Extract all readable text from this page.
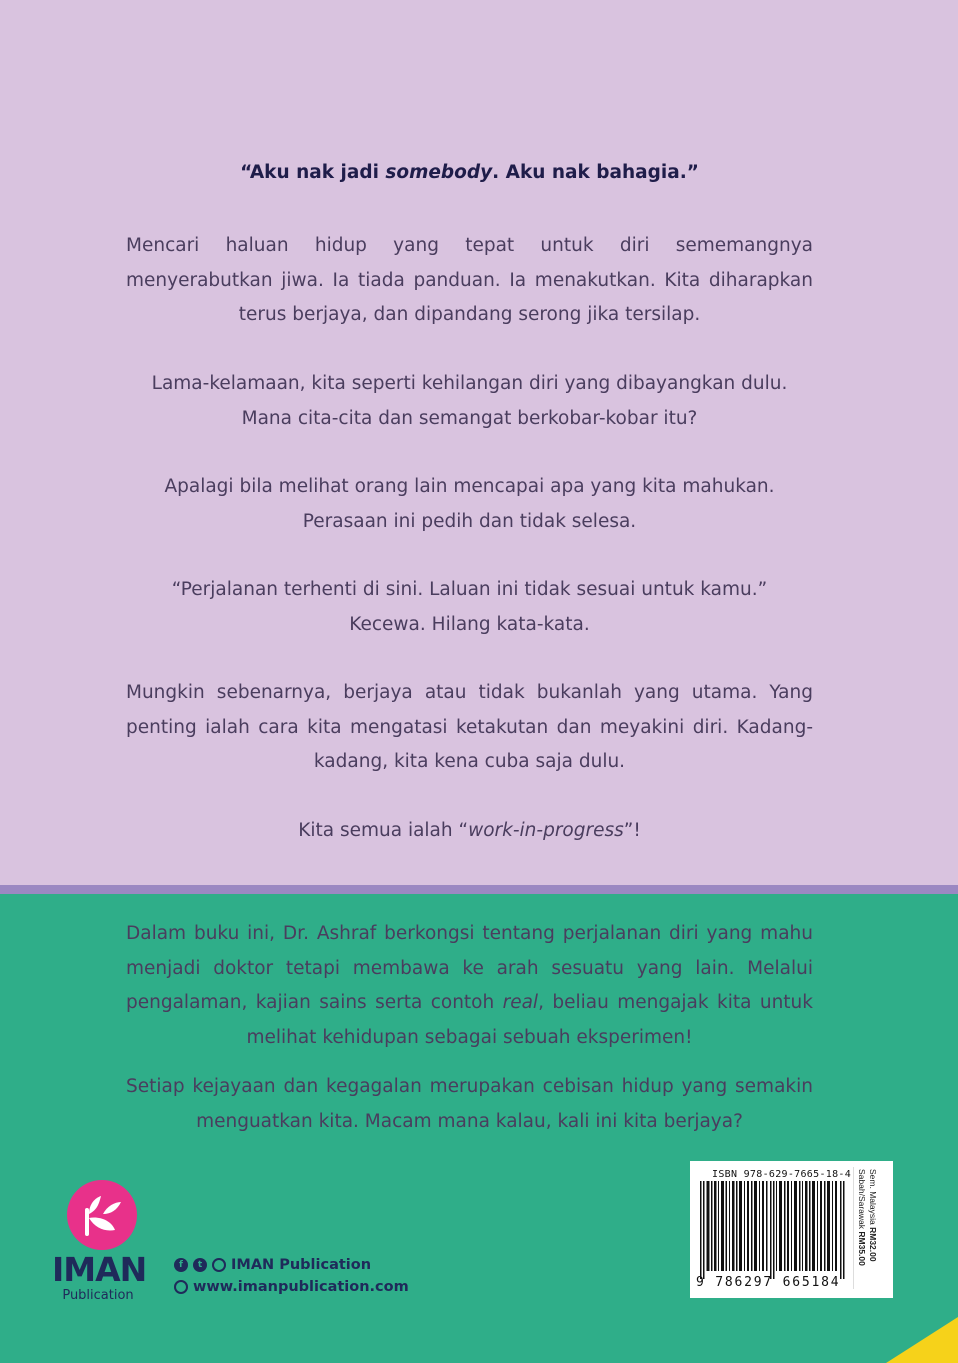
“Aku nak jadi somebody. Aku nak bahagia.”
Mencari haluan hidup yang tepat untuk diri sememangnya menyerabutkan jiwa. Ia tiada panduan. Ia menakutkan. Kita diharapkan terus berjaya, dan dipandang serong jika tersilap.
Lama-kelamaan, kita seperti kehilangan diri yang dibayangkan dulu. Mana cita-cita dan semangat berkobar-kobar itu?
Apalagi bila melihat orang lain mencapai apa yang kita mahukan. Perasaan ini pedih dan tidak selesa.
“Perjalanan terhenti di sini. Laluan ini tidak sesuai untuk kamu.”
Kecewa. Hilang kata-kata.
Mungkin sebenarnya, berjaya atau tidak bukanlah yang utama. Yang penting ialah cara kita mengatasi ketakutan dan meyakini diri. Kadang-kadang, kita kena cuba saja dulu.
Kita semua ialah “work-in-progress”!
Dalam buku ini, Dr. Ashraf berkongsi tentang perjalanan diri yang mahu menjadi doktor tetapi membawa ke arah sesuatu yang lain. Melalui pengalaman, kajian sains serta contoh real, beliau mengajak kita untuk melihat kehidupan sebagai sebuah eksperimen!
Setiap kejayaan dan kegagalan merupakan cebisan hidup yang semakin menguatkan kita. Macam mana kalau, kali ini kita berjaya?
IMAN
Publication
f	t	IMAN Publication
www.imanpublication.com
ISBN 978-629-7665-18-4
9 786297 665184
Sem. Malaysia RM32.00
Sabah/Sarawak RM35.00
